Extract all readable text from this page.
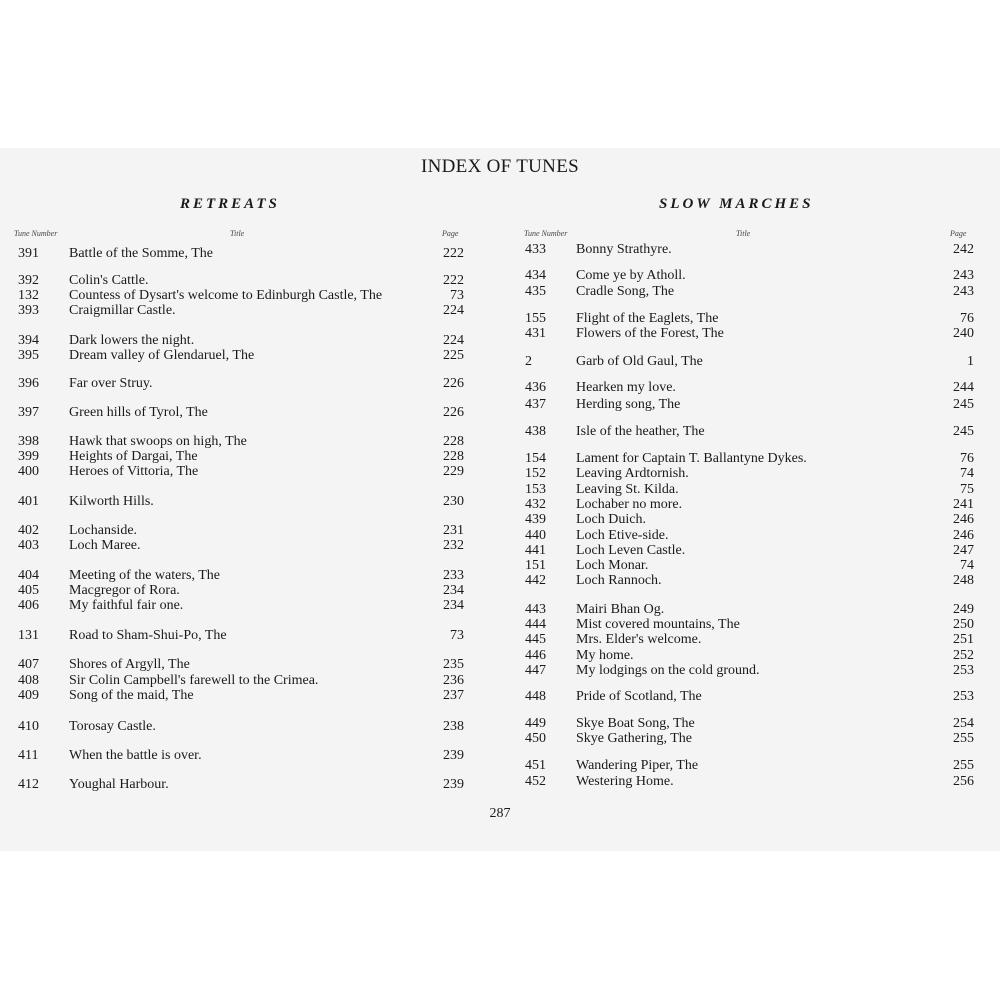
INDEX OF TUNES
RETREATS
Tune Number	Title	Page
391 Battle of the Somme, The	222
392 Colin's Cattle.	222
132 Countess of Dysart's welcome to Edinburgh Castle, The	73
393 Craigmillar Castle.	224
394 Dark lowers the night.	224
395 Dream valley of Glendaruel, The	225
396 Far over Struy.	226
397 Green hills of Tyrol, The	226
398 Hawk that swoops on high, The	228
399 Heights of Dargai, The	228
400 Heroes of Vittoria, The	229
401 Kilworth Hills.	230
402 Lochanside.	231
403 Loch Maree.	232
404 Meeting of the waters, The	233
405 Macgregor of Rora.	234
406 My faithful fair one.	234
131 Road to Sham-Shui-Po, The	73
407 Shores of Argyll, The	235
408 Sir Colin Campbell's farewell to the Crimea.	236
409 Song of the maid, The	237
410 Torosay Castle.	238
411 When the battle is over.	239
412 Youghal Harbour.	239
SLOW MARCHES
Tune Number	Title	Page
433 Bonny Strathyre.	242
434 Come ye by Atholl.	243
435 Cradle Song, The	243
155 Flight of the Eaglets, The	76
431 Flowers of the Forest, The	240
2	Garb of Old Gaul, The	1
436 Hearken my love.	244
437 Herding song, The	245
438 Isle of the heather, The	245
154 Lament for Captain T. Ballantyne Dykes.	76
152 Leaving Ardtornish.	74
153 Leaving St. Kilda.	75
432 Lochaber no more.	241
439 Loch Duich.	246
440 Loch Etive-side.	246
441 Loch Leven Castle.	247
151 Loch Monar.	74
442 Loch Rannoch.	248
443 Mairi Bhan Og.	249
444 Mist covered mountains, The	250
445 Mrs. Elder's welcome.	251
446 My home.	252
447 My lodgings on the cold ground.	253
448 Pride of Scotland, The	253
449 Skye Boat Song, The	254
450 Skye Gathering, The	255
451 Wandering Piper, The	255
452 Westering Home.	256
287
